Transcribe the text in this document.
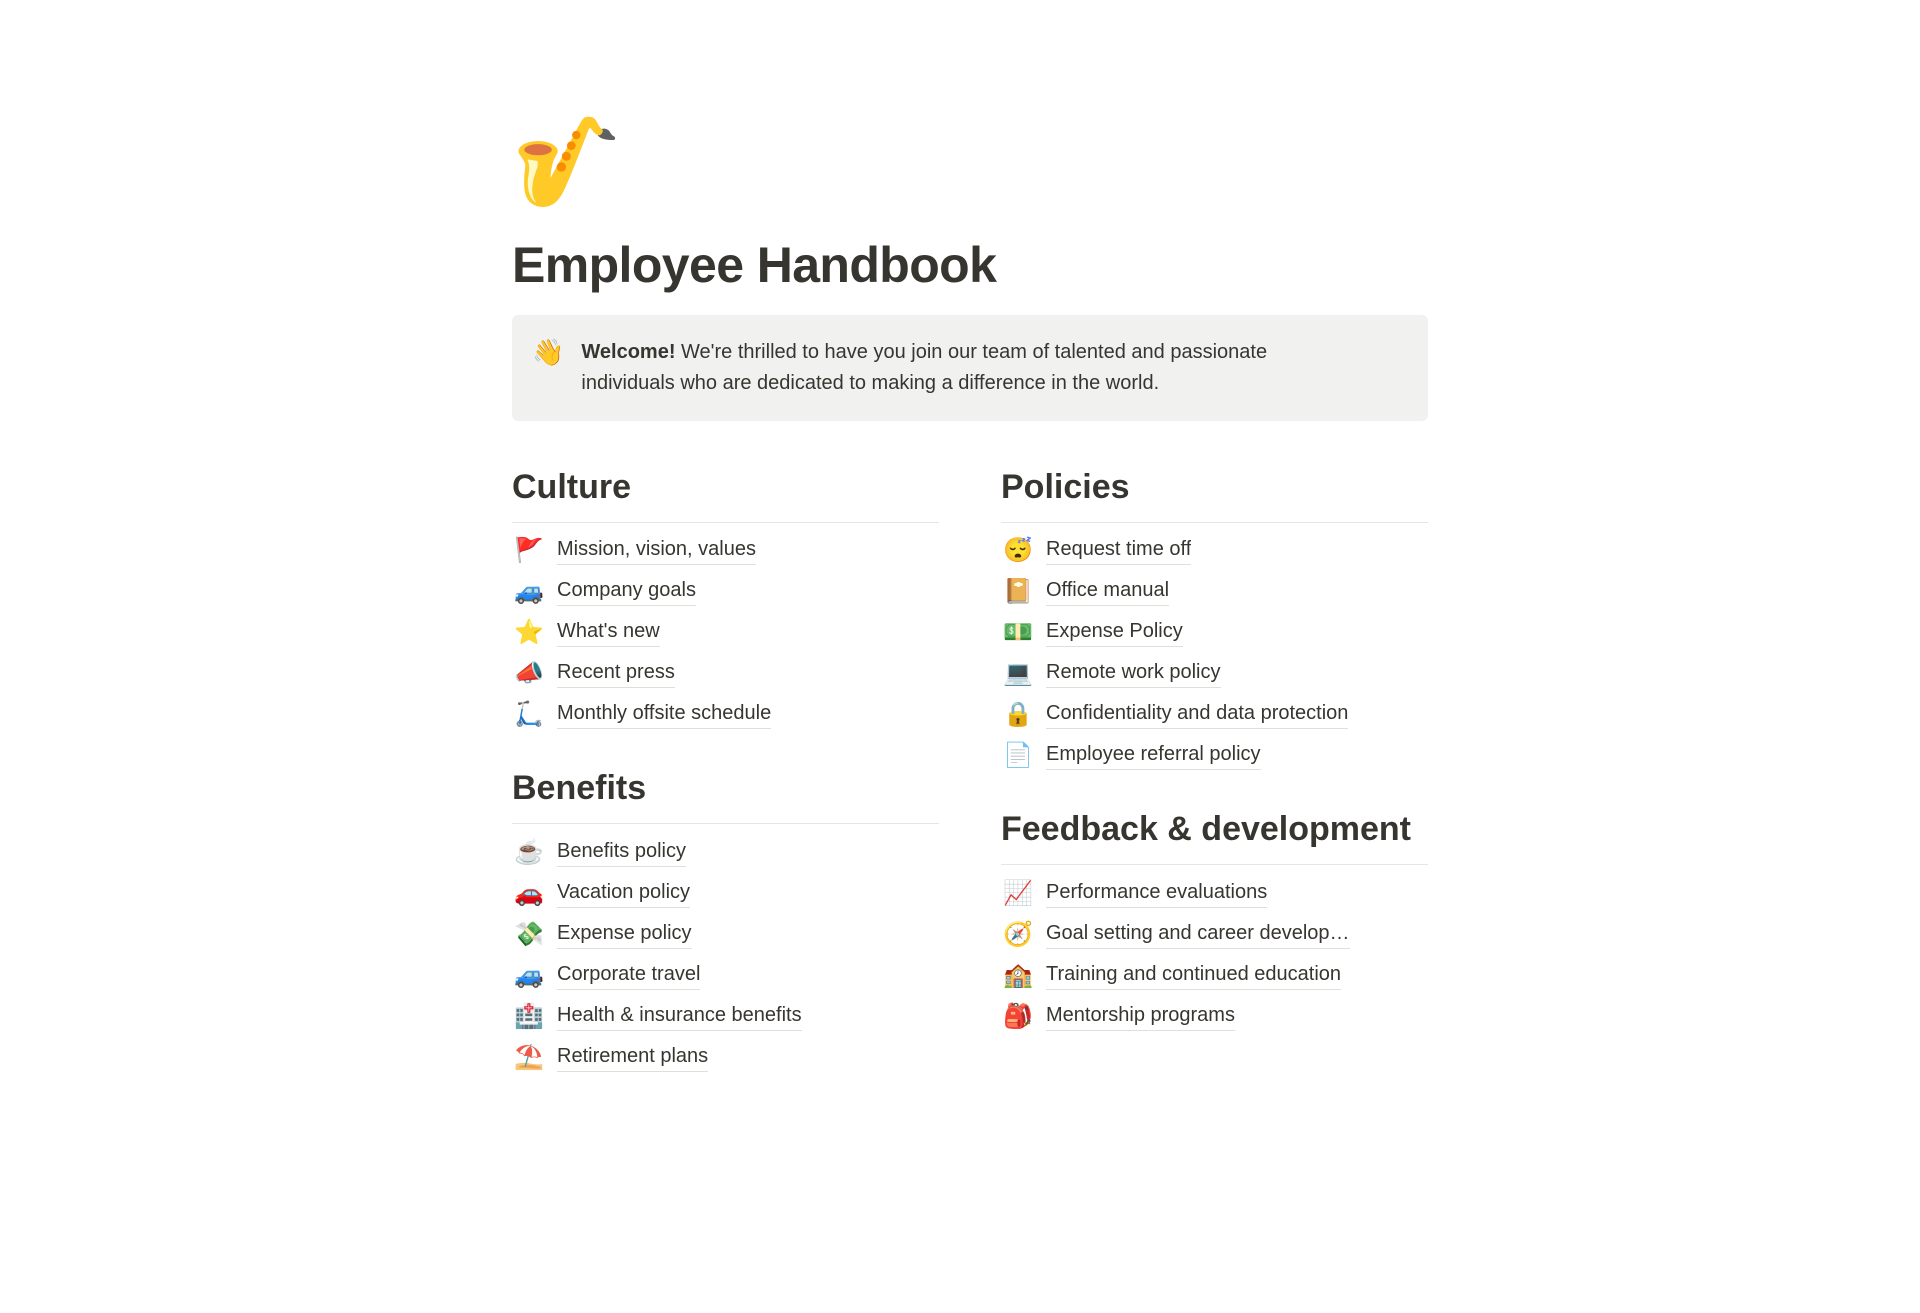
🎷
Employee Handbook
👋 Welcome! We're thrilled to have you join our team of talented and passionate individuals who are dedicated to making a difference in the world.
Culture
🚩 Mission, vision, values
🚙 Company goals
⭐ What's new
📣 Recent press
🛴 Monthly offsite schedule
Benefits
☕ Benefits policy
🚗 Vacation policy
💸 Expense policy
🚙 Corporate travel
🏥 Health & insurance benefits
⛱️ Retirement plans
Policies
😴 Request time off
📔 Office manual
💵 Expense Policy
💻 Remote work policy
🔒 Confidentiality and data protection
📄 Employee referral policy
Feedback & development
📈 Performance evaluations
🧭 Goal setting and career develop…
🏫 Training and continued education
🎒 Mentorship programs
